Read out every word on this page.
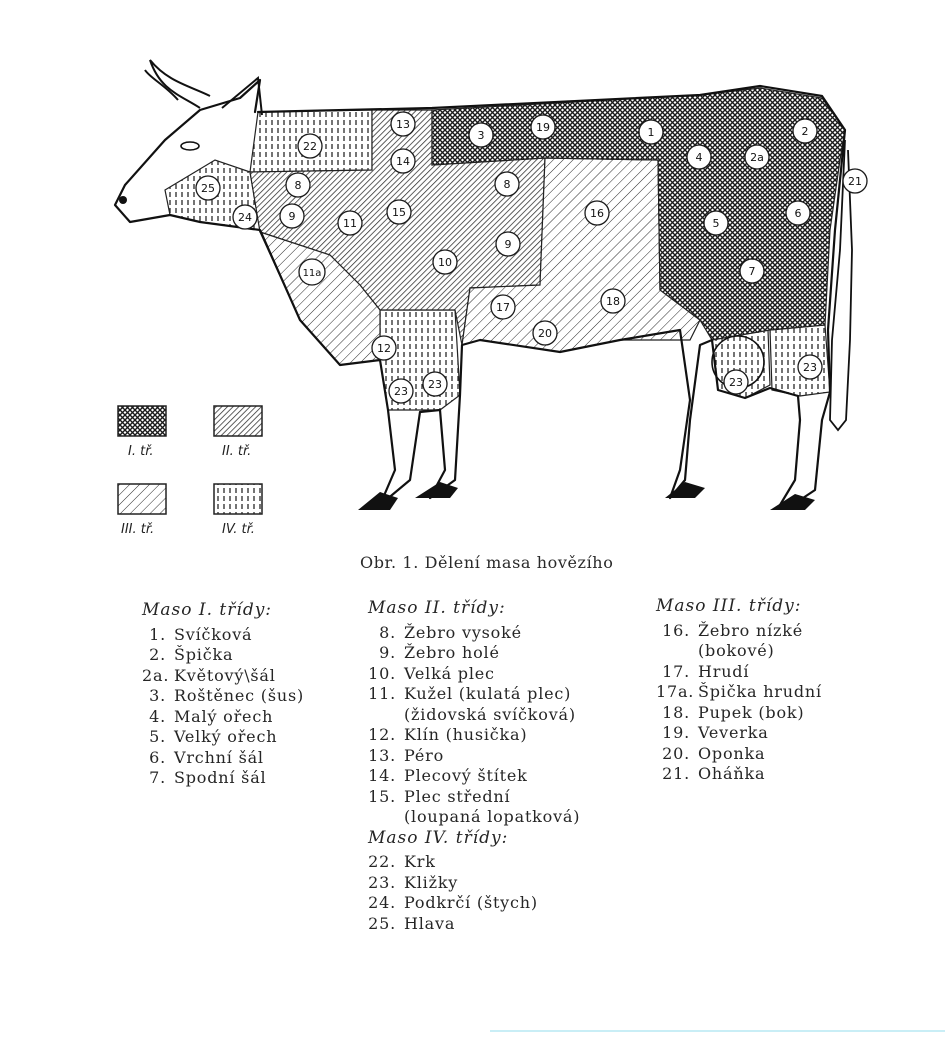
1	2
2a
3
4
5
6
7
8	8
9
9
10
11
11a
12
13
14
15	16
17	18
19
20
21
22
23
23	23
23
24
25
I. tř.	II. tř.
III. tř.	IV. tř.
Obr. 1. Dělení masa hovězího
Maso I. třídy:
1. Svíčková
2. Špička
2a. Květový\šál
3. Roštěnec (šus)
4. Malý ořech
5. Velký ořech
6. Vrchní šál
7. Spodní šál
Maso II. třídy:
8. Žebro vysoké
9. Žebro holé
10. Velká plec
11. Kužel (kulatá plec)
(židovská svíčková)
12. Klín (husička)
13. Péro
14. Plecový štítek
15. Plec střední
(loupaná lopatková)
Maso IV. třídy:
22. Krk
23. Kližky
24. Podkrčí (štych)
25. Hlava
Maso III. třídy:
16. Žebro nízké
(bokové)
17. Hrudí
17a. Špička hrudní
18. Pupek (bok)
19. Veverka
20. Oponka
21. Oháňka
